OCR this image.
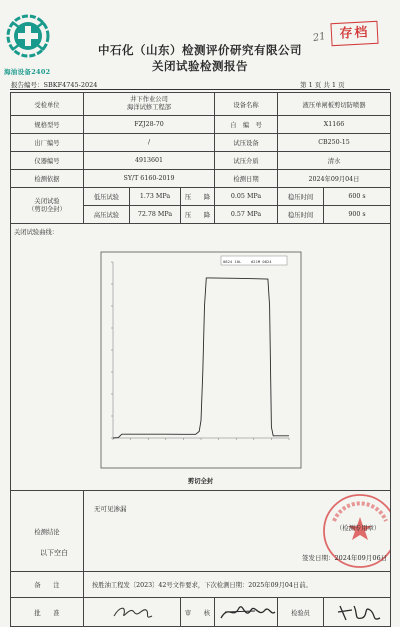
海油设备2402
中石化（山东）检测评价研究有限公司
关闭试验检测报告
21 存档
报告编号：SBKF4745-2024	第 1 页 共 1 页
受检单位	井下作业公司
海洋试修工程部			设备名称	液压单闸板剪切防喷器	
规格型号	FZJ28-70			自　编　号	X1166	
出厂编号	/			试压设备	CB250-15	
仪器编号	4913601			试压介质	清水	
检测依据	SY/T 6160-2019			检测日期	2024年09月04日	

关闭试验
（剪切全封）	低压试验	1.73 MPa	压　　降	0.05 MPa	稳压时间	600 s
	高压试验	72.78 MPa	压　　降	0.57 MPa	稳压时间	900 s

关闭试验曲线：
0824 10L #21M 0824
剪切全封						

检测结论	无可见渗漏
（检测专用章）
签发日期：2024年09月06日					

备　　注	按胜油工程发〔2023〕42号文件要求，下次检测日期：2025年09月04日前。					
批　　准			审　　核		检验员	
以下空白
